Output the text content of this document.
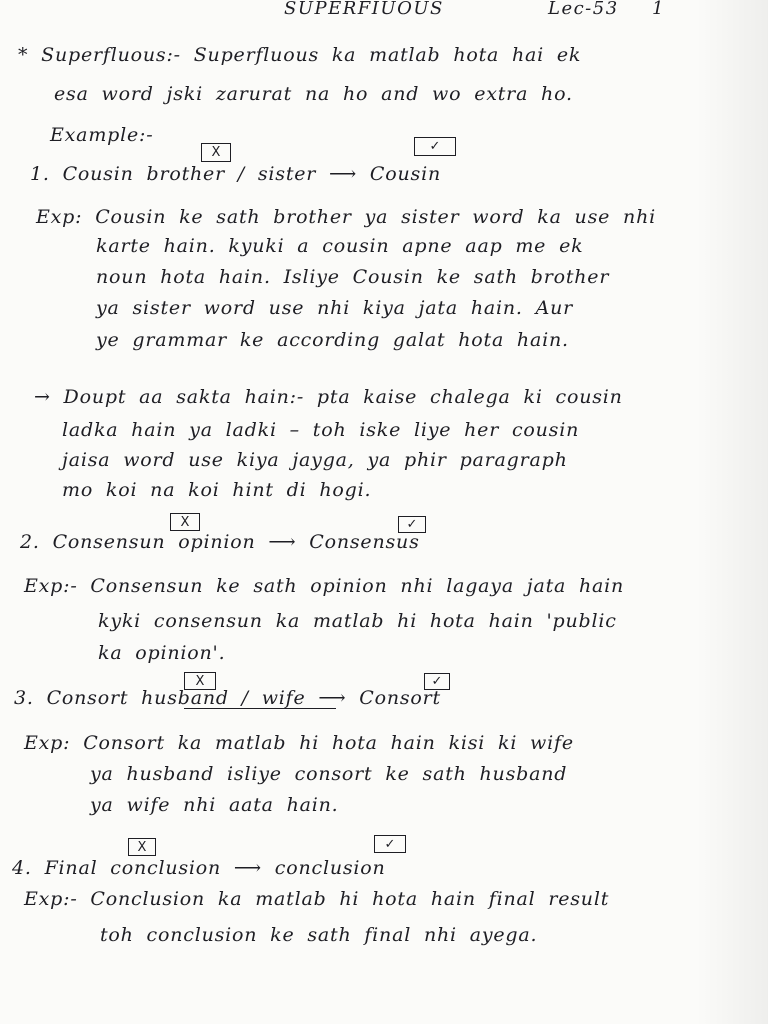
SUPERFIUOUS	Lec-53 1
* Superfluous:- Superfluous ka matlab hota hai ek
esa word jski zarurat na ho and wo extra ho.
Example:-
X	✓
1. Cousin brother / sister ⟶ Cousin
Exp: Cousin ke sath brother ya sister word ka use nhi
karte hain. kyuki a cousin apne aap me ek
noun hota hain. Isliye Cousin ke sath brother
ya sister word use nhi kiya jata hain. Aur
ye grammar ke according galat hota hain.
→ Doupt aa sakta hain:- pta kaise chalega ki cousin
ladka hain ya ladki – toh iske liye her cousin
jaisa word use kiya jayga, ya phir paragraph
mo koi na koi hint di hogi.
X	✓
2. Consensun opinion ⟶ Consensus
Exp:- Consensun ke sath opinion nhi lagaya jata hain
kyki consensun ka matlab hi hota hain 'public
ka opinion'.
X	✓
3. Consort husband / wife ⟶ Consort
Exp: Consort ka matlab hi hota hain kisi ki wife
ya husband isliye consort ke sath husband
ya wife nhi aata hain.
X	✓
4. Final conclusion ⟶ conclusion
Exp:- Conclusion ka matlab hi hota hain final result
toh conclusion ke sath final nhi ayega.
